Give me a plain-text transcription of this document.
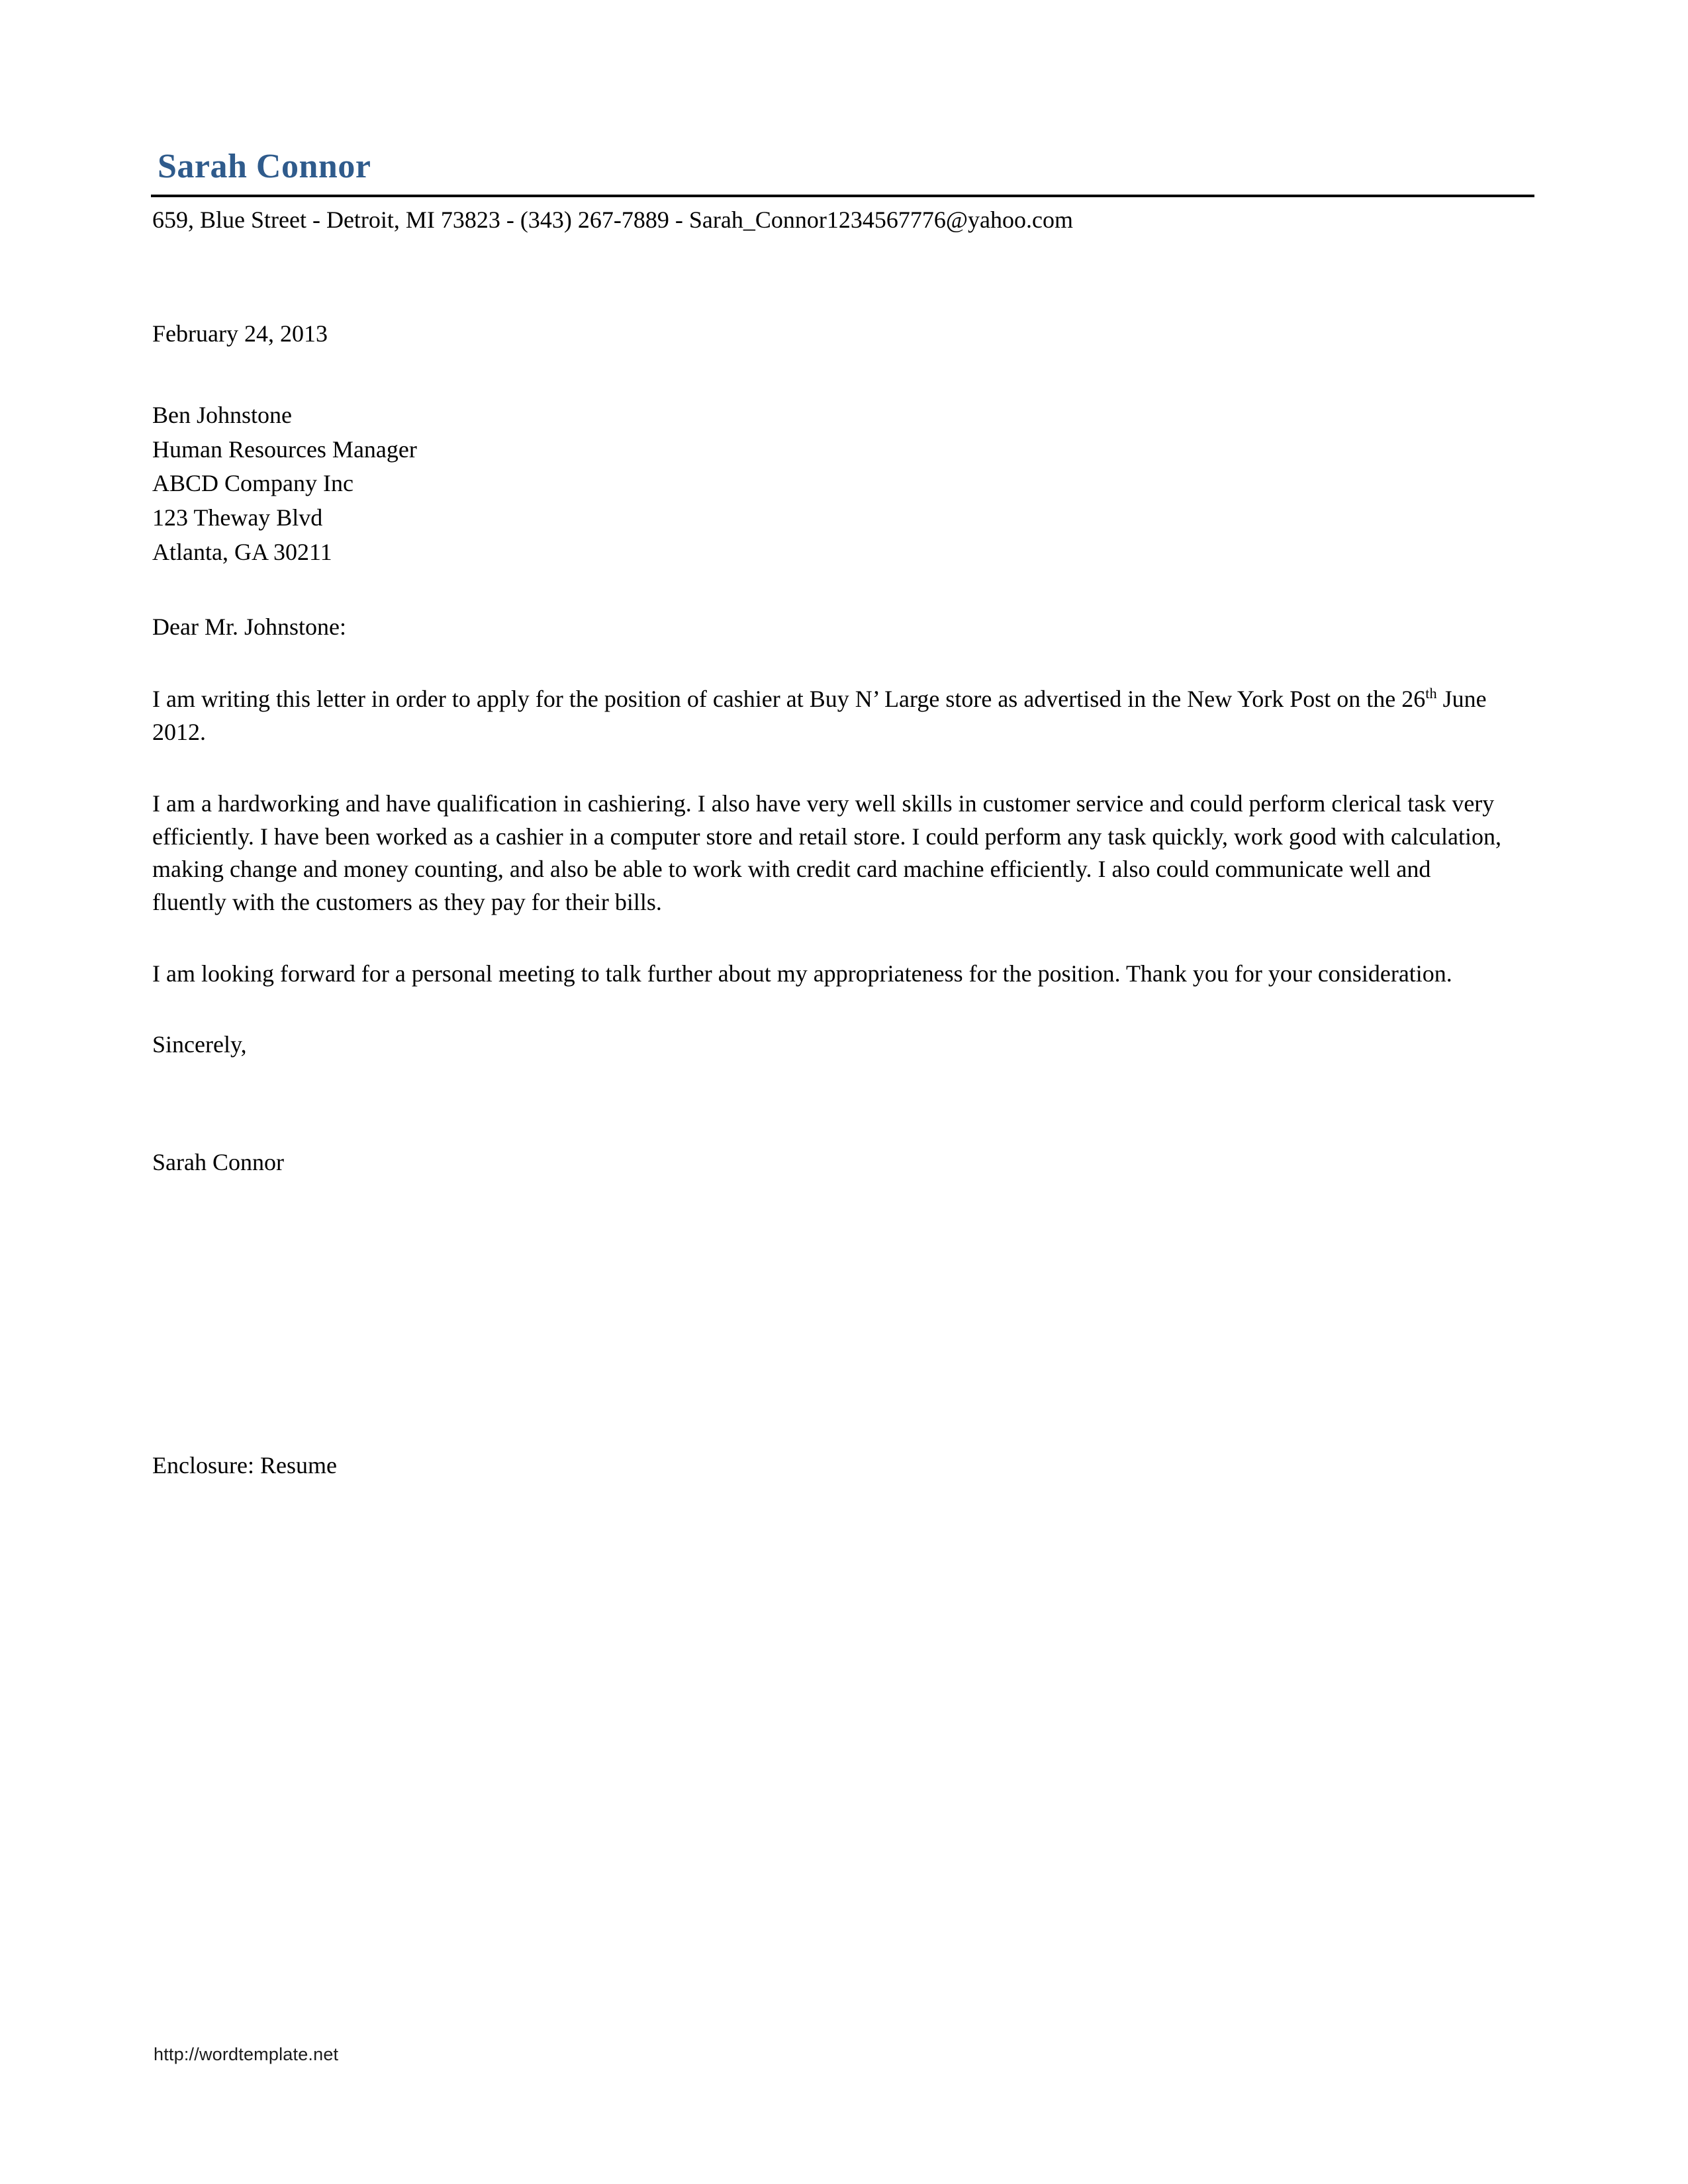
Sarah Connor
659, Blue Street - Detroit, MI 73823 - (343) 267-7889 - Sarah_Connor1234567776@yahoo.com

February 24, 2013

Ben Johnstone

Human Resources Manager

ABCD Company Inc

123 Theway Blvd

Atlanta, GA 30211

Dear Mr. Johnstone:

I am writing this letter in order to apply for the position of cashier at Buy N’ Large store as advertised in the New York Post on the 26th June 2012.

I am a hardworking and have qualification in cashiering. I also have very well skills in customer service and could perform clerical task very efficiently. I have been worked as a cashier in a computer store and retail store. I could perform any task quickly, work good with calculation, making change and money counting, and also be able to work with credit card machine efficiently. I also could communicate well and fluently with the customers as they pay for their bills.

I am looking forward for a personal meeting to talk further about my appropriateness for the position. Thank you for your consideration.

Sincerely,

Sarah Connor

Enclosure: Resume

http://wordtemplate.net
